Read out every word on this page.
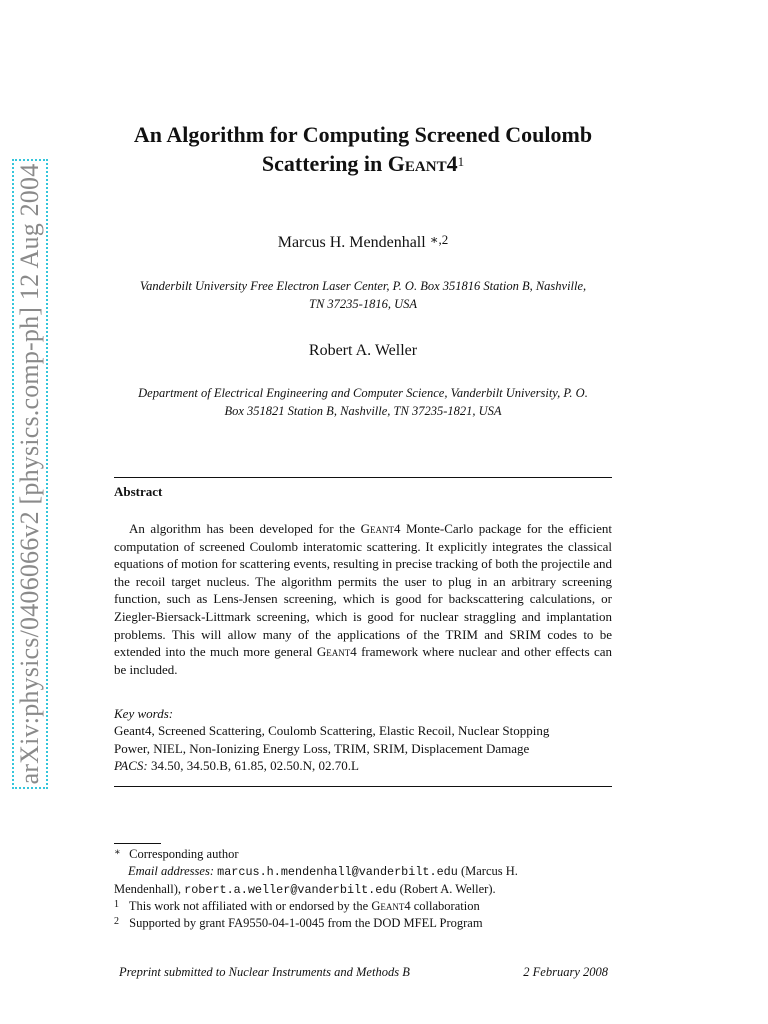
arXiv:physics/0406066v2 [physics.comp-ph] 12 Aug 2004
An Algorithm for Computing Screened Coulomb
Scattering in $Geant4^1$
Marcus H. Mendenhall $^{∗,2}$
Vanderbilt University Free Electron Laser Center, P. O. Box 351816 Station B, Nashville,
TN 37235-1816, USA
Robert A. Weller
Department of Electrical Engineering and Computer Science, Vanderbilt University, P. O.
Box 351821 Station B, Nashville, TN 37235-1821, USA
Abstract
An algorithm has been developed for the Geant4 Monte-Carlo package for the efficient computation of screened Coulomb interatomic scattering. It explicitly integrates the classical equations of motion for scattering events, resulting in precise tracking of both the projectile and the recoil target nucleus. The algorithm permits the user to plug in an arbitrary screening function, such as Lens-Jensen screening, which is good for backscattering calculations, or Ziegler-Biersack-Littmark screening, which is good for nuclear straggling and implantation problems. This will allow many of the applications of the TRIM and SRIM codes to be extended into the much more general Geant4 framework where nuclear and other effects can be included.
Key words:
Geant4, Screened Scattering, Coulomb Scattering, Elastic Recoil, Nuclear Stopping
Power, NIEL, Non-Ionizing Energy Loss, TRIM, SRIM, Displacement Damage
PACS: 34.50, 34.50.B, 61.85, 02.50.N, 02.70.L
∗ Corresponding author
Email addresses: marcus.h.mendenhall@vanderbilt.edu (Marcus H.
Mendenhall), robert.a.weller@vanderbilt.edu (Robert A. Weller).
1 This work not affiliated with or endorsed by the Geant4 collaboration
2 Supported by grant FA9550-04-1-0045 from the DOD MFEL Program
Preprint submitted to Nuclear Instruments and Methods B	2 February 2008
